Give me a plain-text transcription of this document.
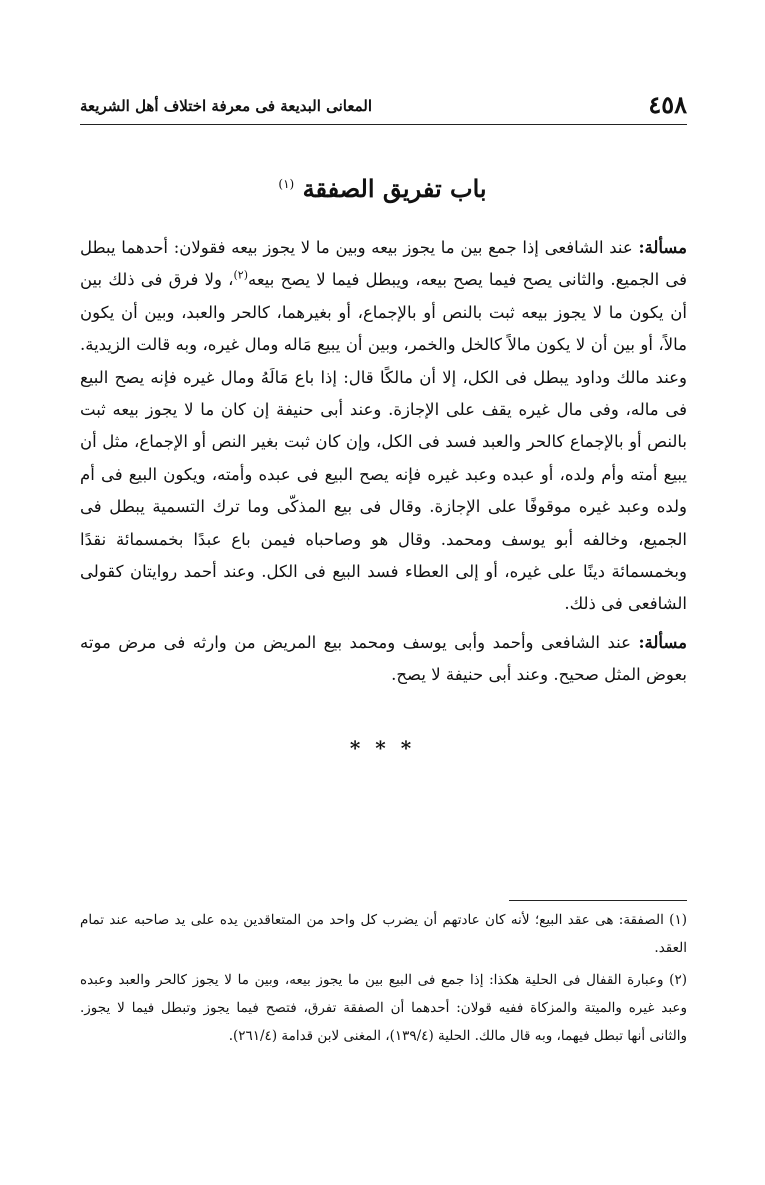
٤٥٨
المعانى البديعة فى معرفة اختلاف أهل الشريعة
باب تفريق الصفقة $^{(١)}$

مسألة: عند الشافعى إذا جمع بين ما يجوز بيعه وبين ما لا يجوز بيعه فقولان: أحدهما يبطل فى الجميع. والثانى يصح فيما يصح بيعه، ويبطل فيما لا يصح بيعه$^{(٢)}$، ولا فرق فى ذلك بين أن يكون ما لا يجوز بيعه ثبت بالنص أو بالإجماع، أو بغيرهما، كالحر والعبد، وبين أن يكون مالاً، أو بين أن لا يكون مالاً كالخل والخمر، وبين أن يبيع مَاله ومال غيره، وبه قالت الزيدية. وعند مالك وداود يبطل فى الكل، إلا أن مالكًا قال: إذا باع مَالَهُ ومال غيره فإنه يصح البيع فى ماله، وفى مال غيره يقف على الإجازة. وعند أبى حنيفة إن كان ما لا يجوز بيعه ثبت بالنص أو بالإجماع كالحر والعبد فسد فى الكل، وإن كان ثبت بغير النص أو الإجماع، مثل أن يبيع أمته وأم ولده، أو عبده وعبد غيره فإنه يصح البيع فى عبده وأمته، ويكون البيع فى أم ولده وعبد غيره موقوفًا على الإجازة. وقال فى بيع المذكّى وما ترك التسمية يبطل فى الجميع، وخالفه أبو يوسف ومحمد. وقال هو وصاحباه فيمن باع عبدًا بخمسمائة نقدًا وبخمسمائة دينًا على غيره، أو إلى العطاء فسد البيع فى الكل. وعند أحمد روايتان كقولى الشافعى فى ذلك.

مسألة: عند الشافعى وأحمد وأبى يوسف ومحمد بيع المريض من وارثه فى مرض موته بعوض المثل صحيح. وعند أبى حنيفة لا يصح.

* * *

(١) الصفقة: هى عقد البيع؛ لأنه كان عادتهم أن يضرب كل واحد من المتعاقدين يده على يد صاحبه عند تمام العقد.

(٢) وعبارة القفال فى الحلية هكذا: إذا جمع فى البيع بين ما يجوز بيعه، وبين ما لا يجوز كالحر والعبد وعبده وعبد غيره والميتة والمزكاة ففيه قولان: أحدهما أن الصفقة تفرق، فتصح فيما يجوز وتبطل فيما لا يجوز. والثانى أنها تبطل فيهما، وبه قال مالك. الحلية (١٣٩/٤)، المغنى لابن قدامة (٢٦١/٤).
